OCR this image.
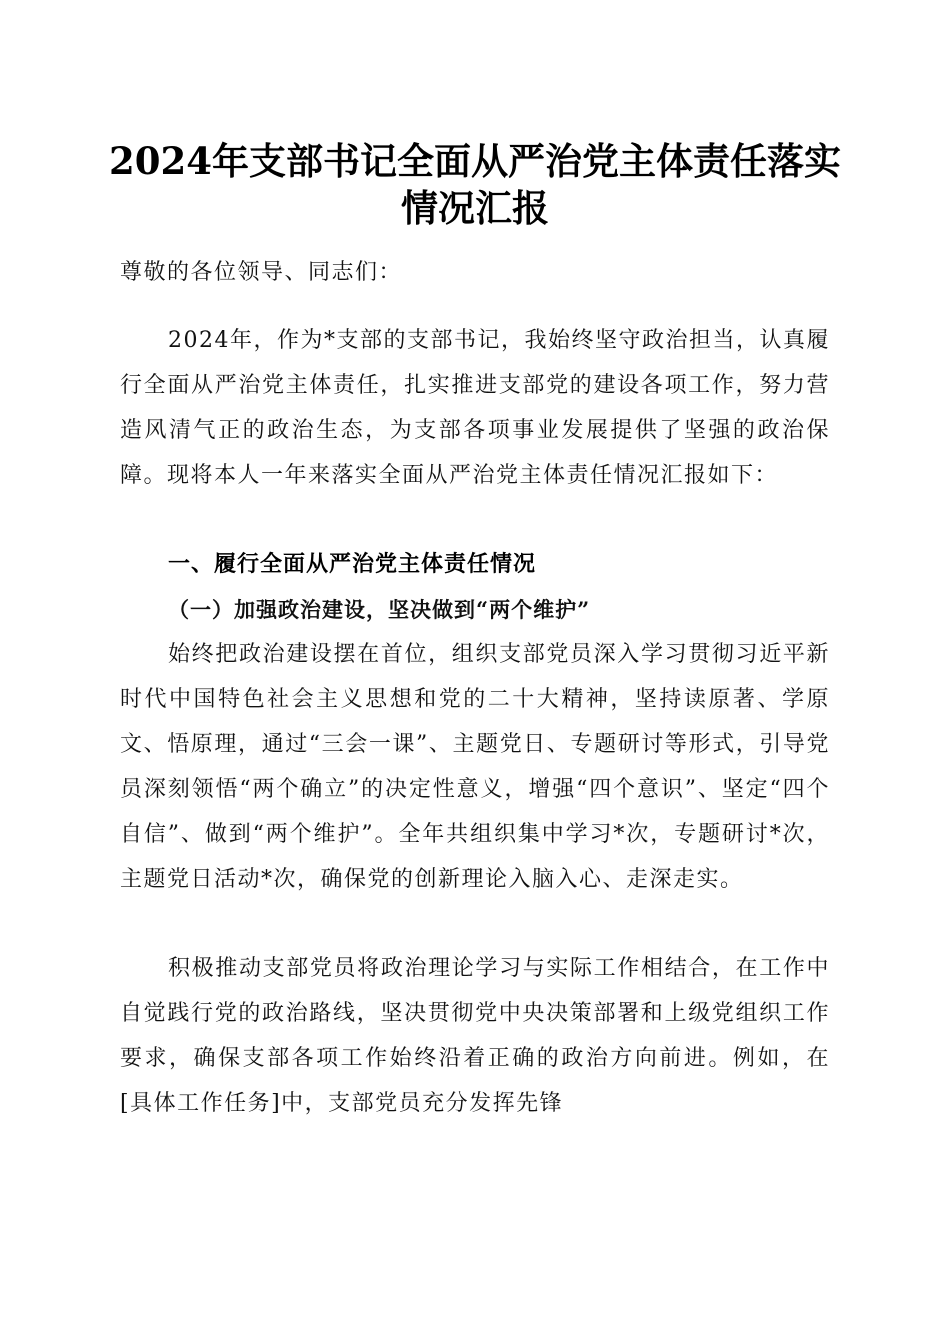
2024年支部书记全面从严治党主体责任落实
情况汇报

尊敬的各位领导、同志们：

2024年，作为*支部的支部书记，我始终坚守政治担当，认真履行全面从严治党主体责任，扎实推进支部党的建设各项工作，努力营造风清气正的政治生态，为支部各项事业发展提供了坚强的政治保障。现将本人一年来落实全面从严治党主体责任情况汇报如下：

一、履行全面从严治党主体责任情况
（一）加强政治建设，坚决做到“两个维护”

始终把政治建设摆在首位，组织支部党员深入学习贯彻习近平新时代中国特色社会主义思想和党的二十大精神，坚持读原著、学原文、悟原理，通过“三会一课”、主题党日、专题研讨等形式，引导党员深刻领悟“两个确立”的决定性意义，增强“四个意识”、坚定“四个自信”、做到“两个维护”。全年共组织集中学习*次，专题研讨*次，主题党日活动*次，确保党的创新理论入脑入心、走深走实。

积极推动支部党员将政治理论学习与实际工作相结合，在工作中自觉践行党的政治路线，坚决贯彻党中央决策部署和上级党组织工作要求，确保支部各项工作始终沿着正确的政治方向前进。例如，在[具体工作任务]中，支部党员充分发挥先锋
